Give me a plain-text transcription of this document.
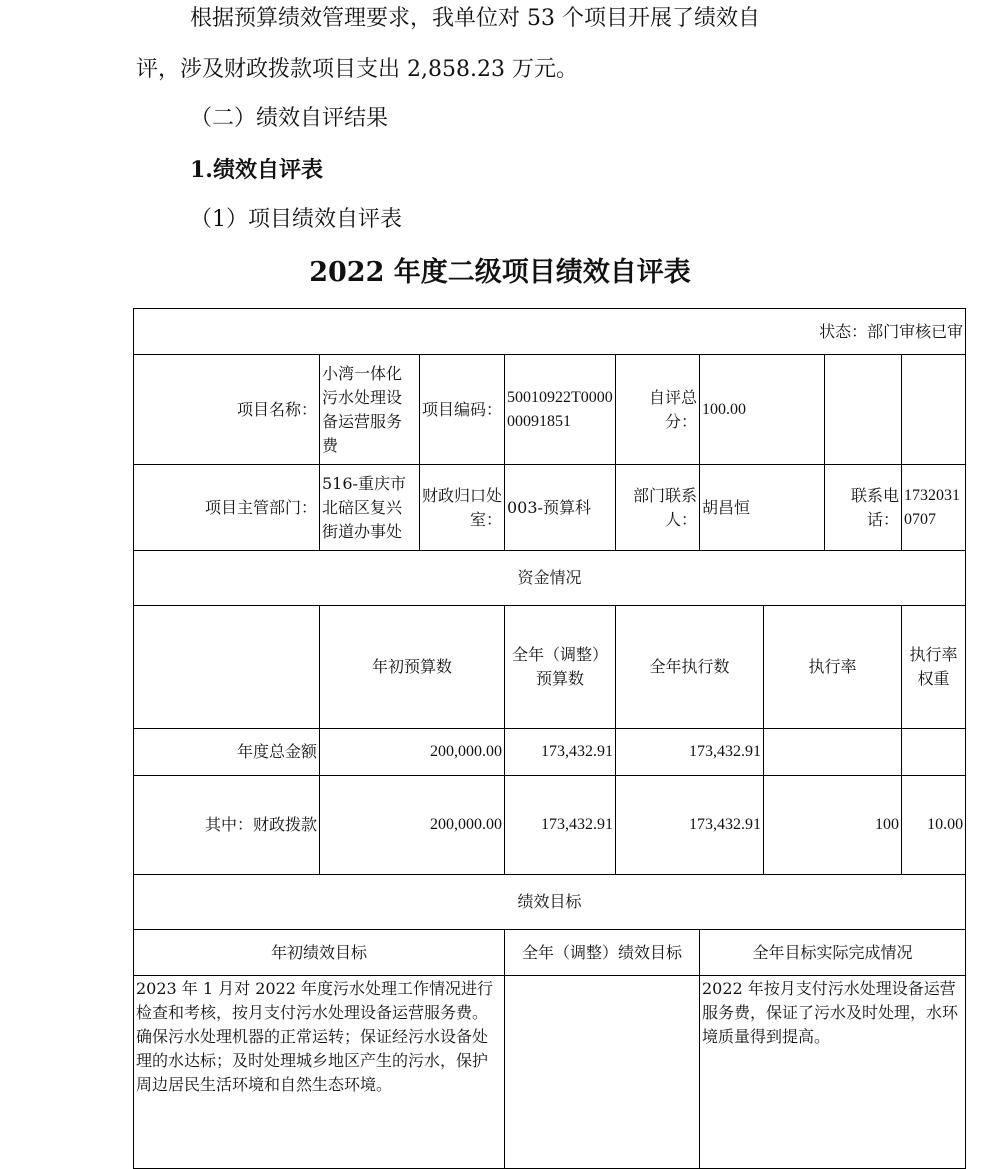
根据预算绩效管理要求，我单位对 53 个项目开展了绩效自
评，涉及财政拨款项目支出 2,858.23 万元。
（二）绩效自评结果
1.绩效自评表
（1）项目绩效自评表
2022 年度二级项目绩效自评表
状态：部门审核已审									
项目名称：	小湾一体化污水处理设备运营服务费	项目编码：	50010922T000000091851	自评总分：	100.00				
项目主管部门：	516-重庆市北碚区复兴街道办事处	财政归口处室：	003-预算科	部门联系人：	胡昌恒		联系电话：	17320310707	
资金情况									
	年初预算数		全年（调整）预算数	全年执行数		执行率		执行率权重	
年度总金额	200,000.00		173,432.91	173,432.91					
其中：财政拨款	200,000.00		173,432.91	173,432.91		100		10.00	
绩效目标									
年初绩效目标			全年（调整）绩效目标		全年目标实际完成情况				
2023 年 1 月对 2022 年度污水处理工作情况进行检查和考核，按月支付污水处理设备运营服务费。确保污水处理机器的正常运转；保证经污水设备处理的水达标；及时处理城乡地区产生的污水，保护周边居民生活环境和自然生态环境。					2022 年按月支付污水处理设备运营服务费，保证了污水及时处理，水环境质量得到提高。				
